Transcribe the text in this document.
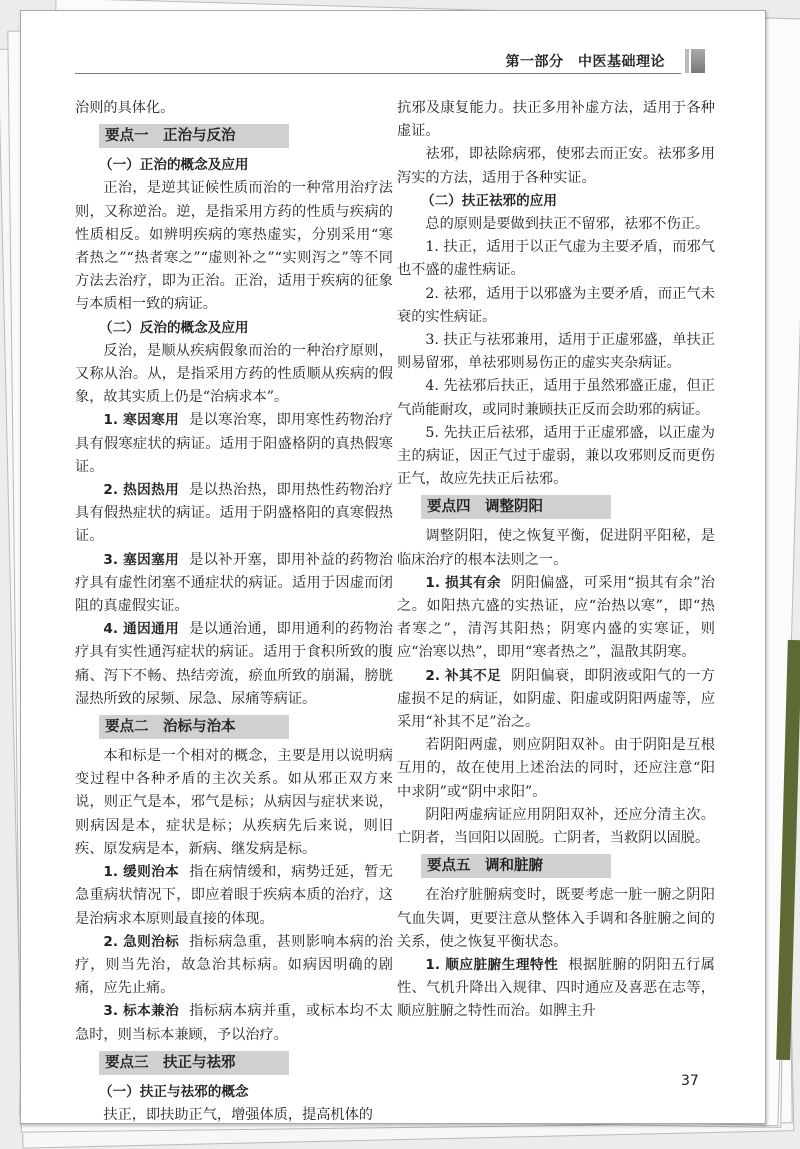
第一部分　中医基础理论

治则的具体化。

要点一　正治与反治
（一）正治的概念及应用

正治，是逆其证候性质而治的一种常用治疗法则，又称逆治。逆，是指采用方药的性质与疾病的性质相反。如辨明疾病的寒热虚实，分别采用“寒者热之”“热者寒之”“虚则补之”“实则泻之”等不同方法去治疗，即为正治。正治，适用于疾病的征象与本质相一致的病证。

（二）反治的概念及应用

反治，是顺从疾病假象而治的一种治疗原则，又称从治。从，是指采用方药的性质顺从疾病的假象，故其实质上仍是“治病求本”。

1. 寒因寒用 是以寒治寒，即用寒性药物治疗具有假寒症状的病证。适用于阳盛格阴的真热假寒证。

2. 热因热用 是以热治热，即用热性药物治疗具有假热症状的病证。适用于阴盛格阳的真寒假热证。

3. 塞因塞用 是以补开塞，即用补益的药物治疗具有虚性闭塞不通症状的病证。适用于因虚而闭阻的真虚假实证。

4. 通因通用 是以通治通，即用通利的药物治疗具有实性通泻症状的病证。适用于食积所致的腹痛、泻下不畅、热结旁流，瘀血所致的崩漏，膀胱湿热所致的尿频、尿急、尿痛等病证。

要点二　治标与治本

本和标是一个相对的概念，主要是用以说明病变过程中各种矛盾的主次关系。如从邪正双方来说，则正气是本，邪气是标；从病因与症状来说，则病因是本，症状是标；从疾病先后来说，则旧疾、原发病是本，新病、继发病是标。

1. 缓则治本 指在病情缓和，病势迁延，暂无急重病状情况下，即应着眼于疾病本质的治疗，这是治病求本原则最直接的体现。

2. 急则治标 指标病急重，甚则影响本病的治疗，则当先治，故急治其标病。如病因明确的剧痛，应先止痛。

3. 标本兼治 指标病本病并重，或标本均不太急时，则当标本兼顾，予以治疗。

要点三　扶正与祛邪
（一）扶正与祛邪的概念

扶正，即扶助正气，增强体质，提高机体的

抗邪及康复能力。扶正多用补虚方法，适用于各种虚证。

祛邪，即祛除病邪，使邪去而正安。祛邪多用泻实的方法，适用于各种实证。

（二）扶正祛邪的应用

总的原则是要做到扶正不留邪，祛邪不伤正。

1. 扶正，适用于以正气虚为主要矛盾，而邪气也不盛的虚性病证。

2. 祛邪，适用于以邪盛为主要矛盾，而正气未衰的实性病证。

3. 扶正与祛邪兼用，适用于正虚邪盛，单扶正则易留邪，单祛邪则易伤正的虚实夹杂病证。

4. 先祛邪后扶正，适用于虽然邪盛正虚，但正气尚能耐攻，或同时兼顾扶正反而会助邪的病证。

5. 先扶正后祛邪，适用于正虚邪盛，以正虚为主的病证，因正气过于虚弱，兼以攻邪则反而更伤正气，故应先扶正后祛邪。

要点四　调整阴阳

调整阴阳，使之恢复平衡，促进阴平阳秘，是临床治疗的根本法则之一。

1. 损其有余 阴阳偏盛，可采用“损其有余”治之。如阳热亢盛的实热证，应“治热以寒”，即“热者寒之”，清泻其阳热；阴寒内盛的实寒证，则应“治寒以热”，即用“寒者热之”，温散其阴寒。

2. 补其不足 阴阳偏衰，即阴液或阳气的一方虚损不足的病证，如阴虚、阳虚或阴阳两虚等，应采用“补其不足”治之。

若阴阳两虚，则应阴阳双补。由于阴阳是互根互用的，故在使用上述治法的同时，还应注意“阳中求阴”或“阴中求阳”。

阴阳两虚病证应用阴阳双补，还应分清主次。亡阴者，当回阳以固脱。亡阴者，当救阴以固脱。

要点五　调和脏腑

在治疗脏腑病变时，既要考虑一脏一腑之阴阳气血失调，更要注意从整体入手调和各脏腑之间的关系，使之恢复平衡状态。

1. 顺应脏腑生理特性 根据脏腑的阴阳五行属性、气机升降出入规律、四时通应及喜恶在志等，顺应脏腑之特性而治。如脾主升

37
